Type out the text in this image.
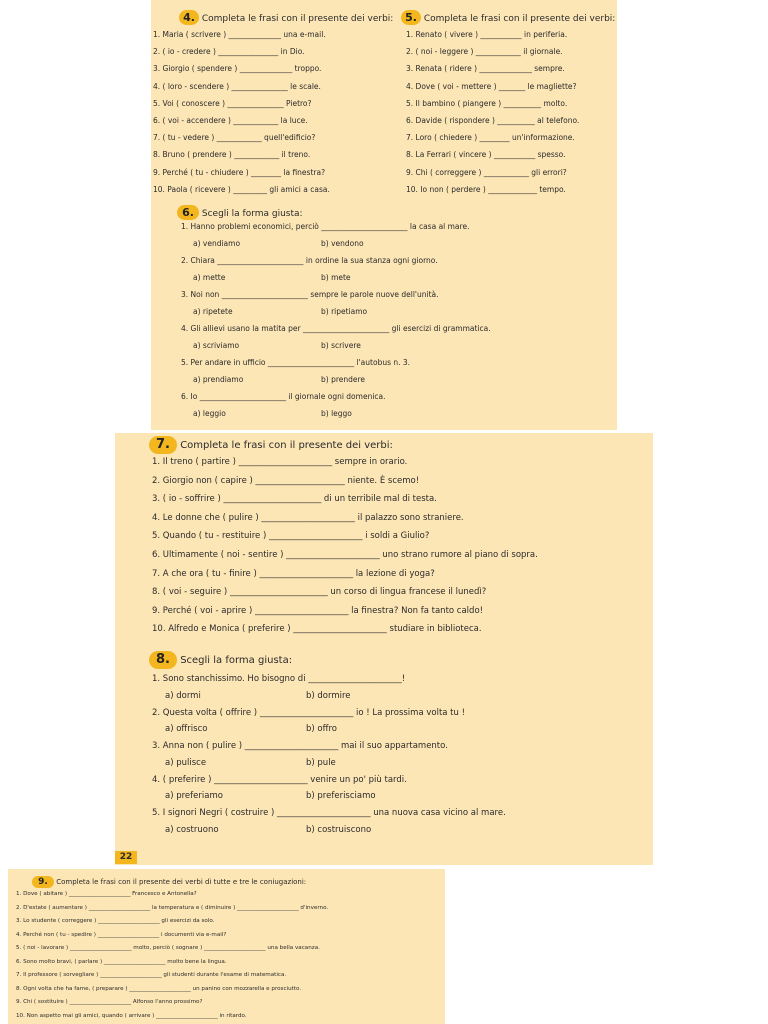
4. Completa le frasi con il presente dei verbi:
1. Maria ( scrivere ) ______________ una e-mail.
2. ( io - credere ) ________________ in Dio.
3. Giorgio ( spendere ) ______________ troppo.
4. ( loro - scendere ) _______________ le scale.
5. Voi ( conoscere ) _______________ Pietro?
6. ( voi - accendere ) ____________ la luce.
7. ( tu - vedere ) ____________ quell'edificio?
8. Bruno ( prendere ) ____________ il treno.
9. Perché ( tu - chiudere ) ________ la finestra?
10. Paola ( ricevere ) _________ gli amici a casa.
5. Completa le frasi con il presente dei verbi:
1. Renato ( vivere ) ___________ in periferia.
2. ( noi - leggere ) ____________ il giornale.
3. Renata ( ridere ) ______________ sempre.
4. Dove ( voi - mettere ) _______ le magliette?
5. Il bambino ( piangere ) __________ molto.
6. Davide ( rispondere ) __________ al telefono.
7. Loro ( chiedere ) ________ un'informazione.
8. La Ferrari ( vincere ) ___________ spesso.
9. Chi ( correggere ) ____________ gli errori?
10. Io non ( perdere ) _____________ tempo.
6. Scegli la forma giusta:
1. Hanno problemi economici, perciò _______________________ la casa al mare.
a) vendiamo	b) vendono
2. Chiara _______________________ in ordine la sua stanza ogni giorno.
a) mette	b) mete
3. Noi non _______________________ sempre le parole nuove dell'unità.
a) ripetete	b) ripetiamo
4. Gli allievi usano la matita per _______________________ gli esercizi di grammatica.
a) scriviamo	b) scrivere
5. Per andare in ufficio _______________________ l'autobus n. 3.
a) prendiamo	b) prendere
6. Io _______________________ il giornale ogni domenica.
a) leggio	b) leggo
7. Completa le frasi con il presente dei verbi:
1. Il treno ( partire ) ______________________ sempre in orario.
2. Giorgio non ( capire ) _____________________ niente. È scemo!
3. ( io - soffrire ) _______________________ di un terribile mal di testa.
4. Le donne che ( pulire ) ______________________ il palazzo sono straniere.
5. Quando ( tu - restituire ) ______________________ i soldi a Giulio?
6. Ultimamente ( noi - sentire ) ______________________ uno strano rumore al piano di sopra.
7. A che ora ( tu - finire ) ______________________ la lezione di yoga?
8. ( voi - seguire ) _______________________ un corso di lingua francese il lunedì?
9. Perché ( voi - aprire ) ______________________ la finestra? Non fa tanto caldo!
10. Alfredo e Monica ( preferire ) ______________________ studiare in biblioteca.
8. Scegli la forma giusta:
1. Sono stanchissimo. Ho bisogno di ______________________!
a) dormi	b) dormire
2. Questa volta ( offrire ) ______________________ io ! La prossima volta tu !
a) offrisco	b) offro
3. Anna non ( pulire ) ______________________ mai il suo appartamento.
a) pulisce	b) pule
4. ( preferire ) ______________________ venire un po' più tardi.
a) preferiamo	b) preferisciamo
5. I signori Negri ( costruire ) ______________________ una nuova casa vicino al mare.
a) costruono	b) costruiscono
22
9. Completa le frasi con il presente dei verbi di tutte e tre le coniugazioni:
1. Dove ( abitare ) ______________________ Francesco e Antonella?
2. D'estate ( aumentare ) ______________________ la temperatura e ( diminuire ) ______________________ d'inverno.
3. Lo studente ( correggere ) ______________________ gli esercizi da solo.
4. Perché non ( tu - spedire ) ______________________ i documenti via e-mail?
5. ( noi - lavorare ) ______________________ molto, perciò ( sognare ) ______________________ una bella vacanza.
6. Sono molto bravi, ( parlare ) ______________________ molto bene la lingua.
7. Il professore ( sorvegliare ) ______________________ gli studenti durante l'esame di matematica.
8. Ogni volta che ha fame, ( preparare ) ______________________ un panino con mozzarella e prosciutto.
9. Chi ( sostituire ) ______________________ Alfonso l'anno prossimo?
10. Non aspetto mai gli amici, quando ( arrivare ) ______________________ in ritardo.
